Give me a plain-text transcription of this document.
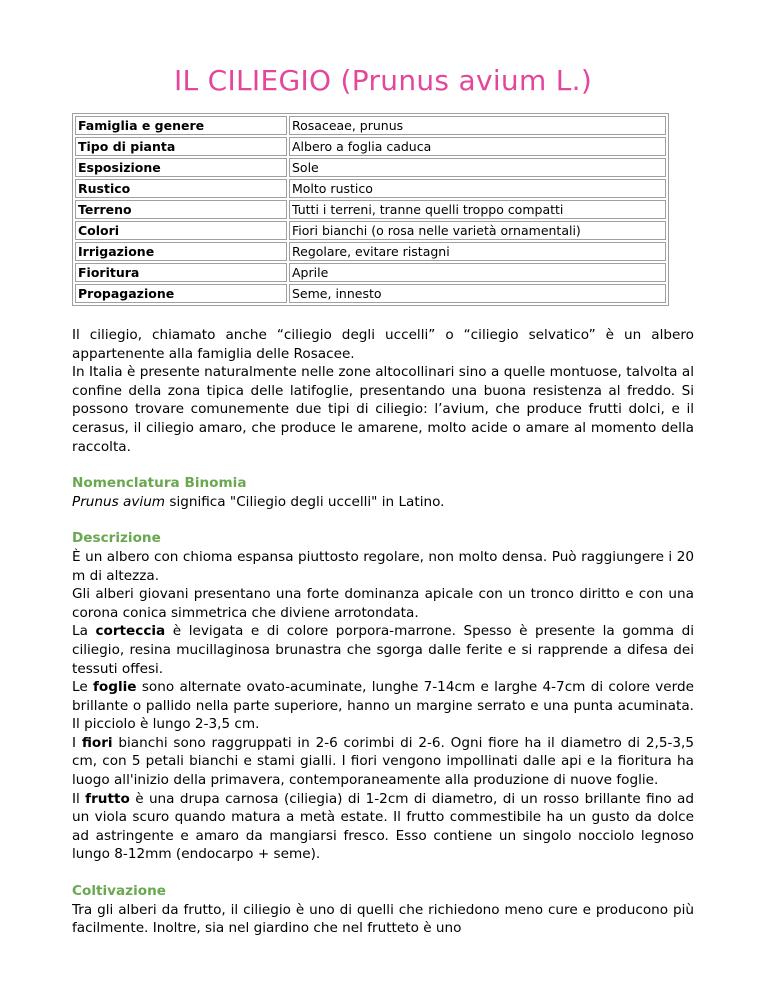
IL CILIEGIO (Prunus avium L.)
Famiglia e genere	Rosaceae, prunus
Tipo di pianta	Albero a foglia caduca
Esposizione	Sole
Rustico	Molto rustico
Terreno	Tutti i terreni, tranne quelli troppo compatti
Colori	Fiori bianchi (o rosa nelle varietà ornamentali)
Irrigazione	Regolare, evitare ristagni
Fioritura	Aprile
Propagazione	Seme, innesto

Il ciliegio, chiamato anche “ciliegio degli uccelli” o “ciliegio selvatico” è un albero appartenente alla famiglia delle Rosacee.

In Italia è presente naturalmente nelle zone altocollinari sino a quelle montuose, talvolta al confine della zona tipica delle latifoglie, presentando una buona resistenza al freddo. Si possono trovare comunemente due tipi di ciliegio: l’avium, che produce frutti dolci, e il cerasus, il ciliegio amaro, che produce le amarene, molto acide o amare al momento della raccolta.

Nomenclatura Binomia

Prunus avium significa "Ciliegio degli uccelli" in Latino.

Descrizione

È un albero con chioma espansa piuttosto regolare, non molto densa. Può raggiungere i 20 m di altezza.

Gli alberi giovani presentano una forte dominanza apicale con un tronco diritto e con una corona conica simmetrica che diviene arrotondata.

La corteccia è levigata e di colore porpora-marrone. Spesso è presente la gomma di ciliegio, resina mucillaginosa brunastra che sgorga dalle ferite e si rapprende a difesa dei tessuti offesi.

Le foglie sono alternate ovato-acuminate, lunghe 7-14cm e larghe 4-7cm di colore verde brillante o pallido nella parte superiore, hanno un margine serrato e una punta acuminata. Il picciolo è lungo 2-3,5 cm.

I fiori bianchi sono raggruppati in 2-6 corimbi di 2-6. Ogni fiore ha il diametro di 2,5-3,5 cm, con 5 petali bianchi e stami gialli. I fiori vengono impollinati dalle api e la fioritura ha luogo all'inizio della primavera, contemporaneamente alla produzione di nuove foglie.

Il frutto è una drupa carnosa (ciliegia) di 1-2cm di diametro, di un rosso brillante fino ad un viola scuro quando matura a metà estate. Il frutto commestibile ha un gusto da dolce ad astringente e amaro da mangiarsi fresco. Esso contiene un singolo nocciolo legnoso lungo 8-12mm (endocarpo + seme).

Coltivazione

Tra gli alberi da frutto, il ciliegio è uno di quelli che richiedono meno cure e producono più facilmente. Inoltre, sia nel giardino che nel frutteto è uno
